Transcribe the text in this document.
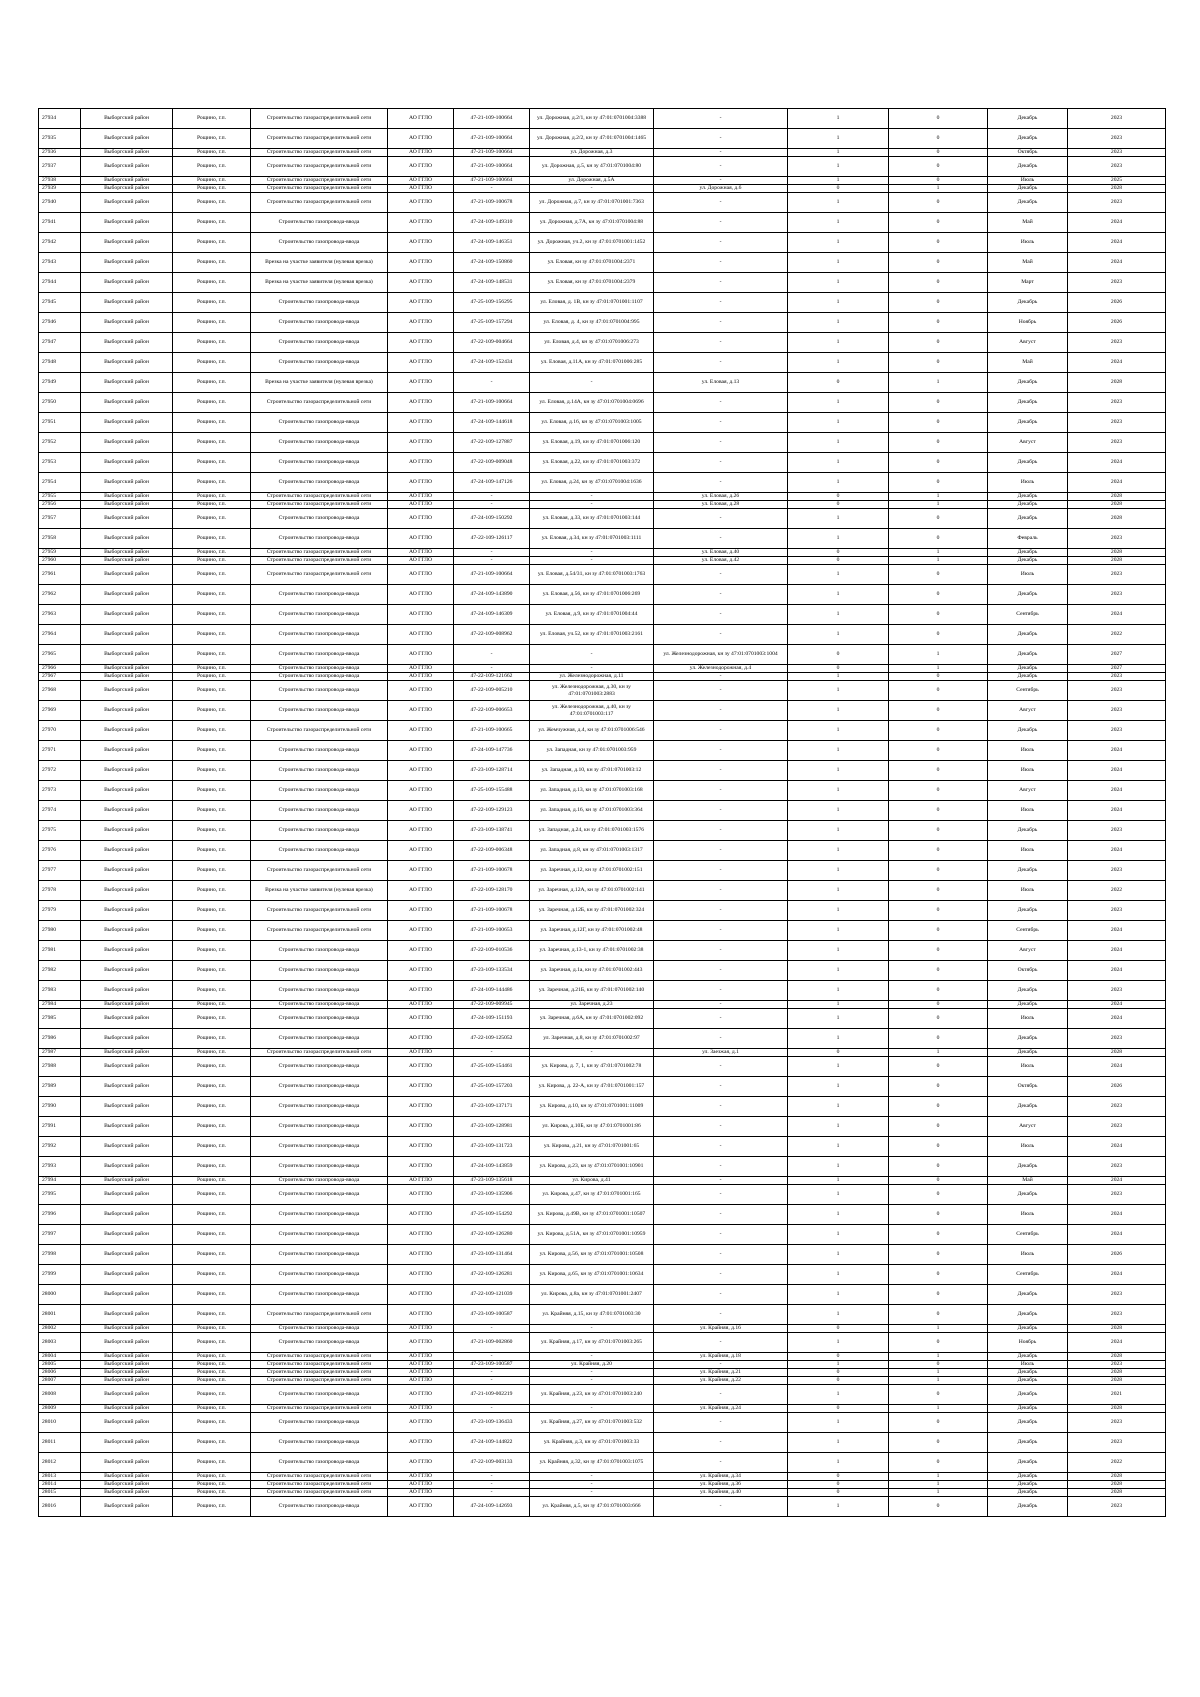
27934	Выборгский район	Рощино, г.п.	Строительство газораспределительной сети	АО ГГЛО	47-21-109-100664	ул. Дорожная, д.2/1, кн зу 47:01:0701004:3388	-	1	0	Декабрь	2023
27935	Выборгский район	Рощино, г.п.	Строительство газораспределительной сети	АО ГГЛО	47-21-109-100664	ул. Дорожная, д.2/2, кн зу 47:01:0701004:1465	-	1	0	Декабрь	2023
27936	Выборгский район	Рощино, г.п.	Строительство газораспределительной сети	АО ГГЛО	47-21-109-100664	ул. Дорожная, д.3	-	1	0	Октябрь	2023
27937	Выборгский район	Рощино, г.п.	Строительство газораспределительной сети	АО ГГЛО	47-21-109-100664	ул. Дорожная, д.5, кн зу 47:01:0701004:80	-	1	0	Декабрь	2023
27938	Выборгский район	Рощино, г.п.	Строительство газораспределительной сети	АО ГГЛО	47-21-109-100664	ул. Дорожная, д.5А	-	1	0	Июль	2025
27939	Выборгский район	Рощино, г.п.	Строительство газораспределительной сети	АО ГГЛО	-	-	ул. Дорожная, д.6	0	1	Декабрь	2028
27940	Выборгский район	Рощино, г.п.	Строительство газораспределительной сети	АО ГГЛО	47-21-109-100678	ул. Дорожная, д.7, кн зу 47:01:0701001:7363	-	1	0	Декабрь	2023
27941	Выборгский район	Рощино, г.п.	Строительство газопровода-ввода	АО ГГЛО	47-24-109-149310	ул. Дорожная, д.7А, кн зу 47:01:0701004:88	-	1	0	Май	2024
27942	Выборгский район	Рощино, г.п.	Строительство газопровода-ввода	АО ГГЛО	47-24-109-146351	ул. Дорожная, уч.2, кн зу 47:01:0701001:1452	-	1	0	Июль	2024
27943	Выборгский район	Рощино, г.п.	Врезка на участке заявителя (нулевая врезка)	АО ГГЛО	47-24-109-150860	ул. Еловая, кн зу 47:01:0701004:2371	-	1	0	Май	2024
27944	Выборгский район	Рощино, г.п.	Врезка на участке заявителя (нулевая врезка)	АО ГГЛО	47-24-109-148531	ул. Еловая, кн зу 47:01:0701004:2379	-	1	0	Март	2023
27945	Выборгский район	Рощино, г.п.	Строительство газопровода-ввода	АО ГГЛО	47-25-109-156295	ул. Еловая, д. 1В, кн зу 47:01:0701001:1107	-	1	0	Декабрь	2026
27946	Выборгский район	Рощино, г.п.	Строительство газопровода-ввода	АО ГГЛО	47-25-109-157294	ул. Еловая, д. 4, кн зу 47:01:0701004:995	-	1	0	Ноябрь	2026
27947	Выборгский район	Рощино, г.п.	Строительство газопровода-ввода	АО ГГЛО	47-22-109-004664	ул. Еловая, д.4, кн зу 47:01:0701006:273	-	1	0	Август	2023
27948	Выборгский район	Рощино, г.п.	Строительство газопровода-ввода	АО ГГЛО	47-24-109-152434	ул. Еловая, д.11А, кн зу 47:01:0701006:285	-	1	0	Май	2024
27949	Выборгский район	Рощино, г.п.	Врезка на участке заявителя (нулевая врезка)	АО ГГЛО	-	-	ул. Еловая, д.13	0	1	Декабрь	2028
27950	Выборгский район	Рощино, г.п.	Строительство газораспределительной сети	АО ГГЛО	47-21-109-100664	ул. Еловая, д.14А, кн зу 47:01:0701004:0696	-	1	0	Декабрь	2023
27951	Выборгский район	Рощино, г.п.	Строительство газопровода-ввода	АО ГГЛО	47-24-109-144618	ул. Еловая, д.16, кн зу 47:01:0701003:1005	-	1	0	Декабрь	2023
27952	Выборгский район	Рощино, г.п.	Строительство газопровода-ввода	АО ГГЛО	47-22-109-127887	ул. Еловая, д.19, кн зу 47:01:0701006:120	-	1	0	Август	2023
27953	Выборгский район	Рощино, г.п.	Строительство газопровода-ввода	АО ГГЛО	47-22-109-009048	ул. Еловая, д.22, кн зу 47:01:0701003:372	-	1	0	Декабрь	2024
27954	Выборгский район	Рощино, г.п.	Строительство газопровода-ввода	АО ГГЛО	47-24-109-147126	ул. Еловая, д.24, кн зу 47:01:0701004:1636	-	1	0	Июль	2024
27955	Выборгский район	Рощино, г.п.	Строительство газораспределительной сети	АО ГГЛО	-	-	ул. Еловая, д.26	0	1	Декабрь	2028
27956	Выборгский район	Рощино, г.п.	Строительство газораспределительной сети	АО ГГЛО	-	-	ул. Еловая, д.28	0	1	Декабрь	2028
27957	Выборгский район	Рощино, г.п.	Строительство газопровода-ввода	АО ГГЛО	47-24-109-150292	ул. Еловая, д.33, кн зу 47:01:0701003:144	-	1	0	Декабрь	2028
27958	Выборгский район	Рощино, г.п.	Строительство газопровода-ввода	АО ГГЛО	47-22-109-126117	ул. Еловая, д.34, кн зу 47:01:0701003:1111	-	1	0	Февраль	2023
27959	Выборгский район	Рощино, г.п.	Строительство газораспределительной сети	АО ГГЛО	-	-	ул. Еловая, д.40	0	1	Декабрь	2028
27960	Выборгский район	Рощино, г.п.	Строительство газораспределительной сети	АО ГГЛО	-	-	ул. Еловая, д.42	0	1	Декабрь	2028
27961	Выборгский район	Рощино, г.п.	Строительство газораспределительной сети	АО ГГЛО	47-21-109-100664	ул. Еловая, д.54/31, кн зу 47:01:0701003:1763	-	1	0	Июль	2023
27962	Выборгский район	Рощино, г.п.	Строительство газопровода-ввода	АО ГГЛО	47-24-109-143890	ул. Еловая, д.56, кн зу 47:01:0701006:269	-	1	0	Декабрь	2023
27963	Выборгский район	Рощино, г.п.	Строительство газопровода-ввода	АО ГГЛО	47-24-109-146309	ул. Еловая, д.9, кн зу 47:01:0701004:44	-	1	0	Сентябрь	2024
27964	Выборгский район	Рощино, г.п.	Строительство газопровода-ввода	АО ГГЛО	47-22-109-008962	ул. Еловая, уч.52, кн зу 47:01:0701003:2161	-	1	0	Декабрь	2022
27965	Выборгский район	Рощино, г.п.	Строительство газопровода-ввода	АО ГГЛО	-	-	ул. Железнодорожная, кн зу 47:01:0701003:1004	0	1	Декабрь	2027
27966	Выборгский район	Рощино, г.п.	Строительство газопровода-ввода	АО ГГЛО	-	-	ул. Железнодорожная, д.4	0	1	Декабрь	2027
27967	Выборгский район	Рощино, г.п.	Строительство газопровода-ввода	АО ГГЛО	47-22-109-121662	ул. Железнодорожная, д.11	-	1	0	Декабрь	2023
27968	Выборгский район	Рощино, г.п.	Строительство газопровода-ввода	АО ГГЛО	47-22-109-005210	ул. Железнодорожная, д.30, кн зу 47:01:0701003:2883	-	1	0	Сентябрь	2023
27969	Выборгский район	Рощино, г.п.	Строительство газопровода-ввода	АО ГГЛО	47-22-109-006653	ул. Железнодорожная, д.40, кн зу 47:01:0701003:117	-	1	0	Август	2023
27970	Выборгский район	Рощино, г.п.	Строительство газораспределительной сети	АО ГГЛО	47-21-109-100665	ул. Жемчужная, д.4, кн зу 47:01:0701006:546	-	1	0	Декабрь	2023
27971	Выборгский район	Рощино, г.п.	Строительство газопровода-ввода	АО ГГЛО	47-24-109-147736	ул. Западная, кн зу 47:01:0701003:959	-	1	0	Июль	2024
27972	Выборгский район	Рощино, г.п.	Строительство газопровода-ввода	АО ГГЛО	47-23-109-128714	ул. Западная, д.10, кн зу 47:01:0701003:12	-	1	0	Июль	2024
27973	Выборгский район	Рощино, г.п.	Строительство газопровода-ввода	АО ГГЛО	47-25-109-155488	ул. Западная, д.13, кн зу 47:01:0701003:168	-	1	0	Август	2024
27974	Выборгский район	Рощино, г.п.	Строительство газопровода-ввода	АО ГГЛО	47-22-109-129123	ул. Западная, д.16, кн зу 47:01:0701003:364	-	1	0	Июль	2024
27975	Выборгский район	Рощино, г.п.	Строительство газопровода-ввода	АО ГГЛО	47-23-109-138741	ул. Западная, д.24, кн зу 47:01:0701003:1576	-	1	0	Декабрь	2023
27976	Выборгский район	Рощино, г.п.	Строительство газопровода-ввода	АО ГГЛО	47-22-109-006348	ул. Западная, д.8, кн зу 47:01:0701003:1317	-	1	0	Июль	2024
27977	Выборгский район	Рощино, г.п.	Строительство газораспределительной сети	АО ГГЛО	47-21-109-100678	ул. Заречная, д.12, кн зу 47:01:0701002:151	-	1	0	Декабрь	2023
27978	Выборгский район	Рощино, г.п.	Врезка на участке заявителя (нулевая врезка)	АО ГГЛО	47-22-109-128170	ул. Заречная, д.12А, кн зу 47:01:0701002:141	-	1	0	Июль	2022
27979	Выборгский район	Рощино, г.п.	Строительство газораспределительной сети	АО ГГЛО	47-21-109-100678	ул. Заречная, д.12Б, кн зу 47:01:0701002:324	-	1	0	Декабрь	2023
27980	Выборгский район	Рощино, г.п.	Строительство газораспределительной сети	АО ГГЛО	47-21-109-100653	ул. Заречная, д.12Г, кн зу 47:01:0701002:48	-	1	0	Сентябрь	2024
27981	Выборгский район	Рощино, г.п.	Строительство газопровода-ввода	АО ГГЛО	47-22-109-010536	ул. Заречная, д.13-1, кн зу 47:01:0701002:38	-	1	0	Август	2024
27982	Выборгский район	Рощино, г.п.	Строительство газопровода-ввода	АО ГГЛО	47-23-109-133534	ул. Заречная, д.1а, кн зу 47:01:0701002:443	-	1	0	Октябрь	2024
27983	Выборгский район	Рощино, г.п.	Строительство газопровода-ввода	АО ГГЛО	47-24-109-144486	ул. Заречная, д.21Б, кн зу 47:01:0701002:140	-	1	0	Декабрь	2023
27984	Выборгский район	Рощино, г.п.	Строительство газопровода-ввода	АО ГГЛО	47-22-109-009945	ул. Заречная, д.23	-	1	0	Декабрь	2024
27985	Выборгский район	Рощино, г.п.	Строительство газопровода-ввода	АО ГГЛО	47-24-109-151193	ул. Заречная, д.6А, кн зу 47:01:0701002:092	-	1	0	Июль	2024
27986	Выборгский район	Рощино, г.п.	Строительство газопровода-ввода	АО ГГЛО	47-22-109-125052	ул. Заречная, д.8, кн зу 47:01:0701002:97	-	1	0	Декабрь	2023
27987	Выборгский район	Рощино, г.п.	Строительство газораспределительной сети	АО ГГЛО	-	-	ул. Заезжая, д.1	0	1	Декабрь	2028
27988	Выборгский район	Рощино, г.п.	Строительство газопровода-ввода	АО ГГЛО	47-25-109-154461	ул. Кирова, д. 7, 1, кн зу 47:01:0701002:78	-	1	0	Июль	2024
27989	Выборгский район	Рощино, г.п.	Строительство газопровода-ввода	АО ГГЛО	47-25-109-157203	ул. Кирова, д. 22-А, кн зу 47:01:0701001:157	-	1	0	Октябрь	2026
27990	Выборгский район	Рощино, г.п.	Строительство газопровода-ввода	АО ГГЛО	47-23-109-137171	ул. Кирова, д.10, кн зу 47:01:0701001:11009	-	1	0	Декабрь	2023
27991	Выборгский район	Рощино, г.п.	Строительство газопровода-ввода	АО ГГЛО	47-23-109-128981	ул. Кирова, д.10Б, кн зу 47:01:0701001:86	-	1	0	Август	2023
27992	Выборгский район	Рощино, г.п.	Строительство газопровода-ввода	АО ГГЛО	47-23-109-131723	ул. Кирова, д.21, кн зу 47:01:0701001:65	-	1	0	Июль	2024
27993	Выборгский район	Рощино, г.п.	Строительство газопровода-ввода	АО ГГЛО	47-24-109-143859	ул. Кирова, д.23, кн зу 47:01:0701001:10901	-	1	0	Декабрь	2023
27994	Выборгский район	Рощино, г.п.	Строительство газопровода-ввода	АО ГГЛО	47-23-109-135618	ул. Кирова, д.41	-	1	0	Май	2024
27995	Выборгский район	Рощино, г.п.	Строительство газопровода-ввода	АО ГГЛО	47-23-109-135906	ул. Кирова, д.47, кн зу 47:01:0701001:165	-	1	0	Декабрь	2023
27996	Выборгский район	Рощино, г.п.	Строительство газопровода-ввода	АО ГГЛО	47-25-109-154292	ул. Кирова, д.49В, кн зу 47:01:0701001:10507	-	1	0	Июль	2024
27997	Выборгский район	Рощино, г.п.	Строительство газопровода-ввода	АО ГГЛО	47-22-109-126280	ул. Кирова, д.51А, кн зу 47:01:0701001:10959	-	1	0	Сентябрь	2024
27998	Выборгский район	Рощино, г.п.	Строительство газопровода-ввода	АО ГГЛО	47-23-109-131464	ул. Кирова, д.56, кн зу 47:01:0701001:10508	-	1	0	Июль	2026
27999	Выборгский район	Рощино, г.п.	Строительство газопровода-ввода	АО ГГЛО	47-22-109-126281	ул. Кирова, д.65, кн зу 47:01:0701001:10634	-	1	0	Сентябрь	2024
28000	Выборгский район	Рощино, г.п.	Строительство газопровода-ввода	АО ГГЛО	47-22-109-121039	ул. Кирова, д.8а, кн зу 47:01:0701001:2407	-	1	0	Декабрь	2023
28001	Выборгский район	Рощино, г.п.	Строительство газораспределительной сети	АО ГГЛО	47-23-109-100587	ул. Крайняя, д.15, кн зу 47:01:0701003:30	-	1	0	Декабрь	2023
28002	Выборгский район	Рощино, г.п.	Строительство газопровода-ввода	АО ГГЛО	-	-	ул. Крайняя, д.16	0	1	Декабрь	2028
28003	Выборгский район	Рощино, г.п.	Строительство газопровода-ввода	АО ГГЛО	47-21-109-002860	ул. Крайняя, д.17, кн зу 47:01:0701003:265	-	1	0	Ноябрь	2024
28004	Выборгский район	Рощино, г.п.	Строительство газораспределительной сети	АО ГГЛО	-	-	ул. Крайняя, д.18	0	1	Декабрь	2028
28005	Выборгский район	Рощино, г.п.	Строительство газораспределительной сети	АО ГГЛО	47-23-109-100587	ул. Крайняя, д.20	-	1	0	Июль	2023
28006	Выборгский район	Рощино, г.п.	Строительство газораспределительной сети	АО ГГЛО	-	-	ул. Крайняя, д.21	0	1	Декабрь	2028
28007	Выборгский район	Рощино, г.п.	Строительство газораспределительной сети	АО ГГЛО	-	-	ул. Крайняя, д.22	0	1	Декабрь	2028
28008	Выборгский район	Рощино, г.п.	Строительство газопровода-ввода	АО ГГЛО	47-21-109-002219	ул. Крайняя, д.23, кн зу 47:01:0701003:240	-	1	0	Декабрь	2021
28009	Выборгский район	Рощино, г.п.	Строительство газораспределительной сети	АО ГГЛО	-	-	ул. Крайняя, д.24	0	1	Декабрь	2028
28010	Выборгский район	Рощино, г.п.	Строительство газопровода-ввода	АО ГГЛО	47-23-109-136433	ул. Крайняя, д.27, кн зу 47:01:0701003:532	-	1	0	Декабрь	2023
28011	Выборгский район	Рощино, г.п.	Строительство газопровода-ввода	АО ГГЛО	47-24-109-144822	ул. Крайняя, д.3, кн зу 47:01:0701003:33	-	1	0	Декабрь	2023
28012	Выборгский район	Рощино, г.п.	Строительство газопровода-ввода	АО ГГЛО	47-22-109-003133	ул. Крайняя, д.32, кн зу 47:01:0701003:1075	-	1	0	Декабрь	2022
28013	Выборгский район	Рощино, г.п.	Строительство газораспределительной сети	АО ГГЛО	-	-	ул. Крайняя, д.34	0	1	Декабрь	2028
28014	Выборгский район	Рощино, г.п.	Строительство газораспределительной сети	АО ГГЛО	-	-	ул. Крайняя, д.36	0	1	Декабрь	2028
28015	Выборгский район	Рощино, г.п.	Строительство газораспределительной сети	АО ГГЛО	-	-	ул. Крайняя, д.40	0	1	Декабрь	2028
28016	Выборгский район	Рощино, г.п.	Строительство газопровода-ввода	АО ГГЛО	47-24-109-142693	ул. Крайняя, д.5, кн зу 47:01:0701003:666	-	1	0	Декабрь	2023
